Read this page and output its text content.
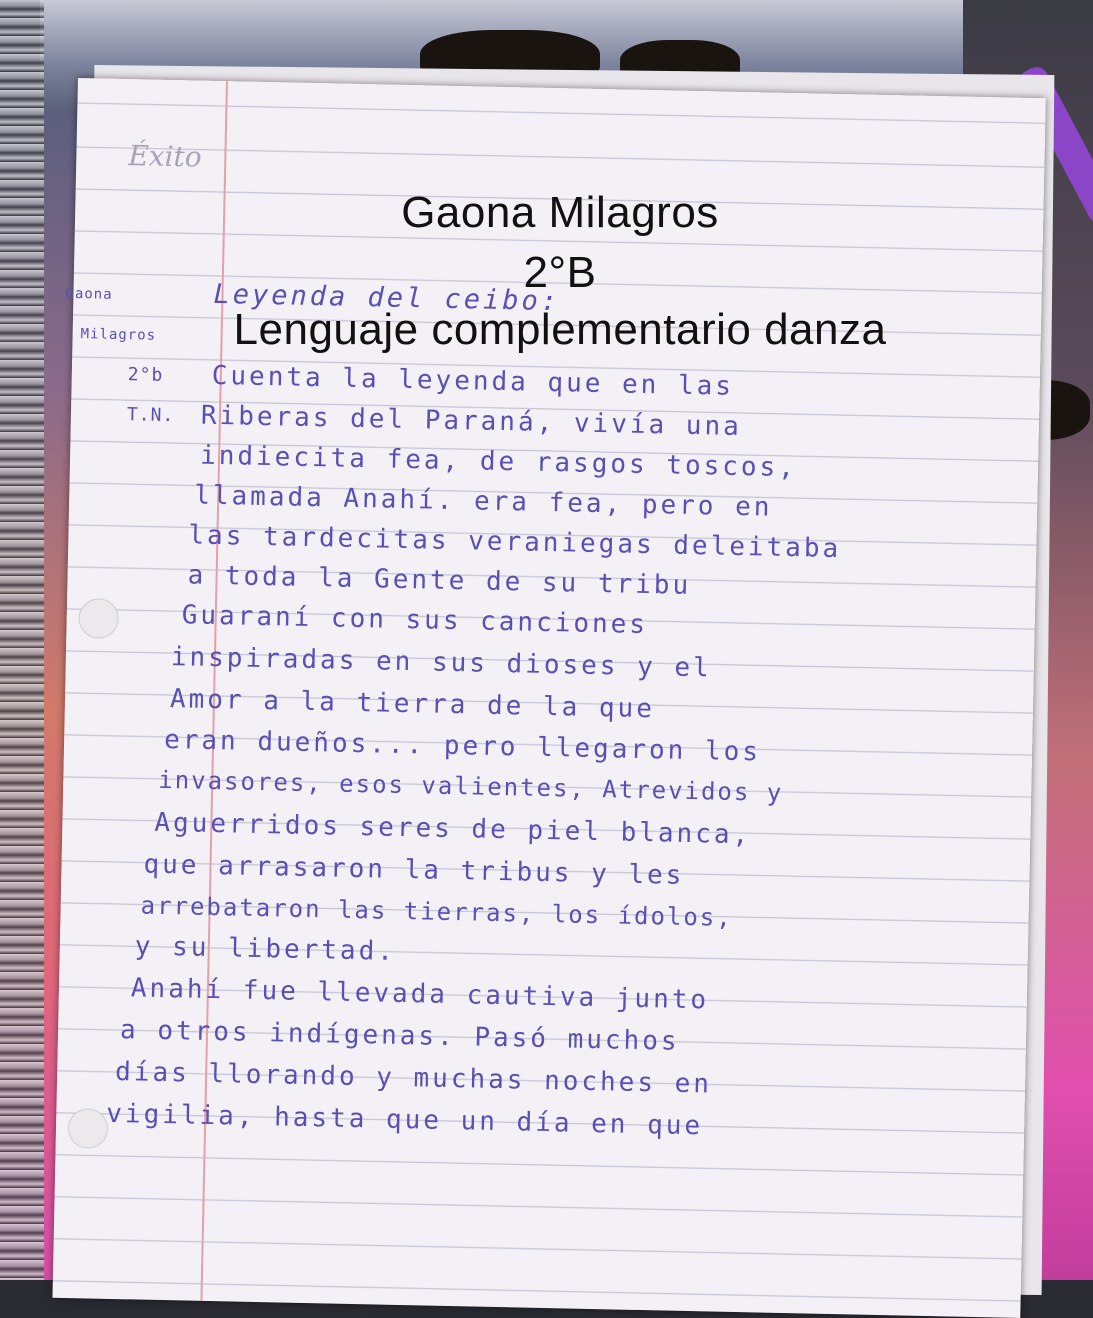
Éxito
Gaona
Milagros
2°b
T.N.
Leyenda del ceibo:
Cuenta la leyenda que en las
Riberas del Paraná, vivía una
indiecita fea, de rasgos toscos,
llamada Anahí. era fea, pero en
las tardecitas veraniegas deleitaba
a toda la Gente de su tribu
Guaraní con sus canciones
inspiradas en sus dioses y el
Amor a la tierra de la que
eran dueños... pero llegaron los
invasores, esos valientes, Atrevidos y
Aguerridos seres de piel blanca,
que arrasaron la tribus y les
arrebataron las tierras, los ídolos,
y su libertad.
Anahí fue llevada cautiva junto
a otros indígenas. Pasó muchos
días llorando y muchas noches en
vigilia, hasta que un día en que
Gaona Milagros
2°B
Lenguaje complementario danza
